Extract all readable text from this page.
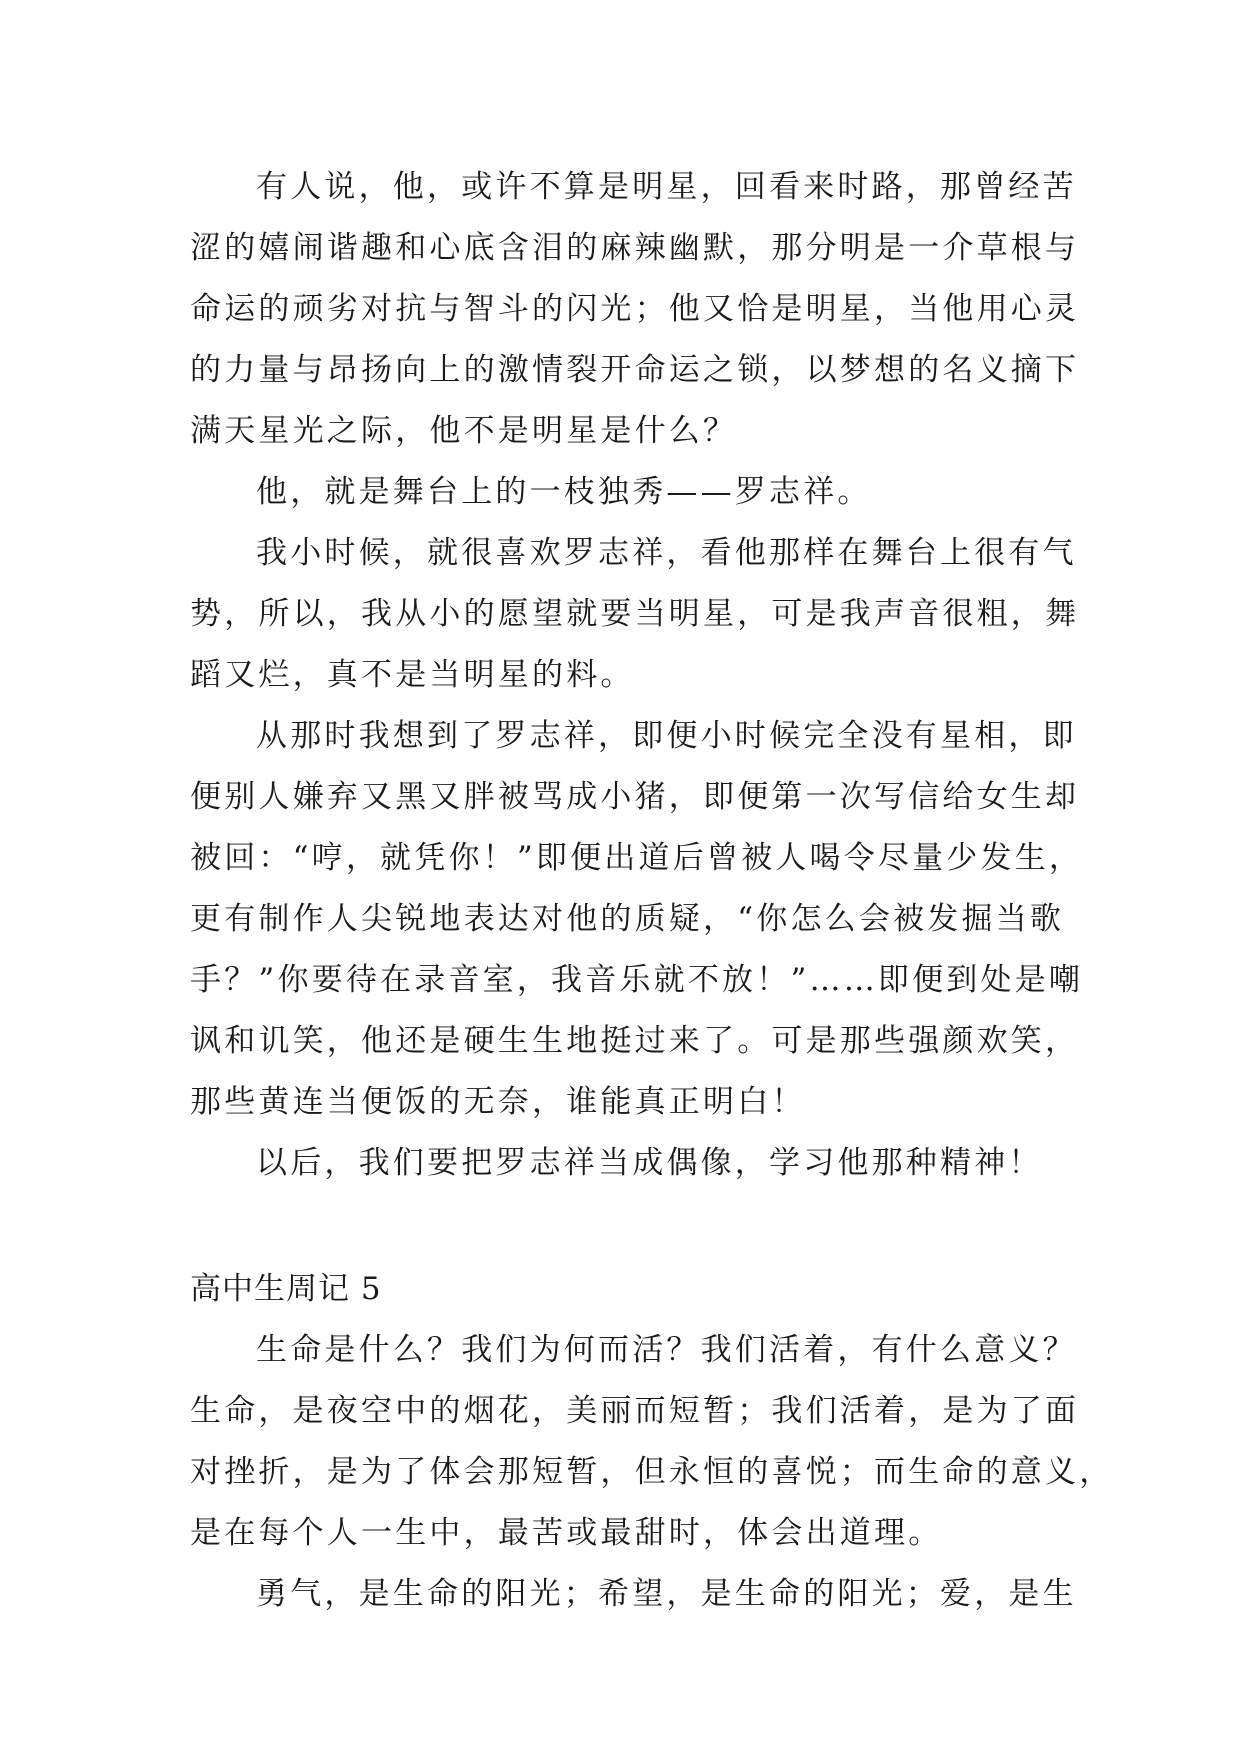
有人说，他，或许不算是明星，回看来时路，那曾经苦
涩的嬉闹谐趣和心底含泪的麻辣幽默，那分明是一介草根与
命运的顽劣对抗与智斗的闪光；他又恰是明星，当他用心灵
的力量与昂扬向上的激情裂开命运之锁，以梦想的名义摘下
满天星光之际，他不是明星是什么？
他，就是舞台上的一枝独秀——罗志祥。
我小时候，就很喜欢罗志祥，看他那样在舞台上很有气
势，所以，我从小的愿望就要当明星，可是我声音很粗，舞
蹈又烂，真不是当明星的料。
从那时我想到了罗志祥，即便小时候完全没有星相，即
便别人嫌弃又黑又胖被骂成小猪，即便第一次写信给女生却
被回：“哼，就凭你！”即便出道后曾被人喝令尽量少发生，
更有制作人尖锐地表达对他的质疑，“你怎么会被发掘当歌
手？”你要待在录音室，我音乐就不放！”……即便到处是嘲
讽和讥笑，他还是硬生生地挺过来了。可是那些强颜欢笑，
那些黄连当便饭的无奈，谁能真正明白！
以后，我们要把罗志祥当成偶像，学习他那种精神！
高中生周记 5
生命是什么？我们为何而活？我们活着，有什么意义？
生命，是夜空中的烟花，美丽而短暂；我们活着，是为了面
对挫折，是为了体会那短暂，但永恒的喜悦；而生命的意义，
是在每个人一生中，最苦或最甜时，体会出道理。
勇气，是生命的阳光；希望，是生命的阳光；爱，是生
